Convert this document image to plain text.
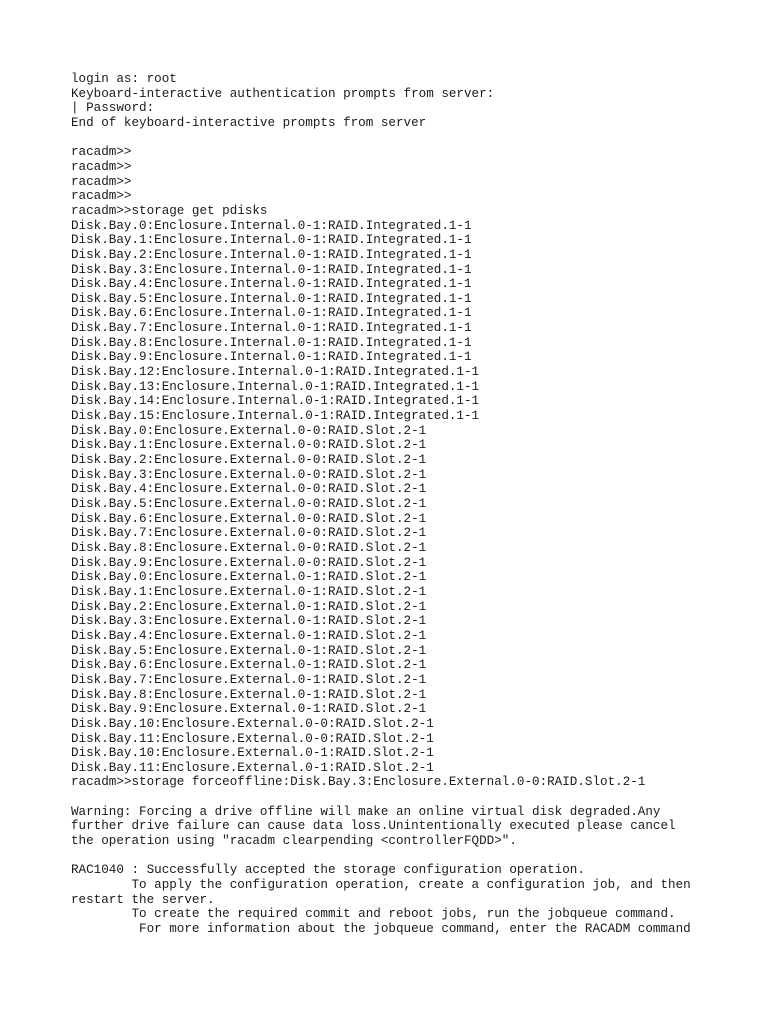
login as: root
Keyboard-interactive authentication prompts from server:
| Password:
End of keyboard-interactive prompts from server
racadm>>
racadm>>
racadm>>
racadm>>
racadm>>storage get pdisks
Disk.Bay.0:Enclosure.Internal.0-1:RAID.Integrated.1-1
Disk.Bay.1:Enclosure.Internal.0-1:RAID.Integrated.1-1
Disk.Bay.2:Enclosure.Internal.0-1:RAID.Integrated.1-1
Disk.Bay.3:Enclosure.Internal.0-1:RAID.Integrated.1-1
Disk.Bay.4:Enclosure.Internal.0-1:RAID.Integrated.1-1
Disk.Bay.5:Enclosure.Internal.0-1:RAID.Integrated.1-1
Disk.Bay.6:Enclosure.Internal.0-1:RAID.Integrated.1-1
Disk.Bay.7:Enclosure.Internal.0-1:RAID.Integrated.1-1
Disk.Bay.8:Enclosure.Internal.0-1:RAID.Integrated.1-1
Disk.Bay.9:Enclosure.Internal.0-1:RAID.Integrated.1-1
Disk.Bay.12:Enclosure.Internal.0-1:RAID.Integrated.1-1
Disk.Bay.13:Enclosure.Internal.0-1:RAID.Integrated.1-1
Disk.Bay.14:Enclosure.Internal.0-1:RAID.Integrated.1-1
Disk.Bay.15:Enclosure.Internal.0-1:RAID.Integrated.1-1
Disk.Bay.0:Enclosure.External.0-0:RAID.Slot.2-1
Disk.Bay.1:Enclosure.External.0-0:RAID.Slot.2-1
Disk.Bay.2:Enclosure.External.0-0:RAID.Slot.2-1
Disk.Bay.3:Enclosure.External.0-0:RAID.Slot.2-1
Disk.Bay.4:Enclosure.External.0-0:RAID.Slot.2-1
Disk.Bay.5:Enclosure.External.0-0:RAID.Slot.2-1
Disk.Bay.6:Enclosure.External.0-0:RAID.Slot.2-1
Disk.Bay.7:Enclosure.External.0-0:RAID.Slot.2-1
Disk.Bay.8:Enclosure.External.0-0:RAID.Slot.2-1
Disk.Bay.9:Enclosure.External.0-0:RAID.Slot.2-1
Disk.Bay.0:Enclosure.External.0-1:RAID.Slot.2-1
Disk.Bay.1:Enclosure.External.0-1:RAID.Slot.2-1
Disk.Bay.2:Enclosure.External.0-1:RAID.Slot.2-1
Disk.Bay.3:Enclosure.External.0-1:RAID.Slot.2-1
Disk.Bay.4:Enclosure.External.0-1:RAID.Slot.2-1
Disk.Bay.5:Enclosure.External.0-1:RAID.Slot.2-1
Disk.Bay.6:Enclosure.External.0-1:RAID.Slot.2-1
Disk.Bay.7:Enclosure.External.0-1:RAID.Slot.2-1
Disk.Bay.8:Enclosure.External.0-1:RAID.Slot.2-1
Disk.Bay.9:Enclosure.External.0-1:RAID.Slot.2-1
Disk.Bay.10:Enclosure.External.0-0:RAID.Slot.2-1
Disk.Bay.11:Enclosure.External.0-0:RAID.Slot.2-1
Disk.Bay.10:Enclosure.External.0-1:RAID.Slot.2-1
Disk.Bay.11:Enclosure.External.0-1:RAID.Slot.2-1
racadm>>storage forceoffline:Disk.Bay.3:Enclosure.External.0-0:RAID.Slot.2-1
Warning: Forcing a drive offline will make an online virtual disk degraded.Any
further drive failure can cause data loss.Unintentionally executed please cancel
the operation using "racadm clearpending <controllerFQDD>".
RAC1040 : Successfully accepted the storage configuration operation.
To apply the configuration operation, create a configuration job, and then
restart the server.
To create the required commit and reboot jobs, run the jobqueue command.
For more information about the jobqueue command, enter the RACADM command
